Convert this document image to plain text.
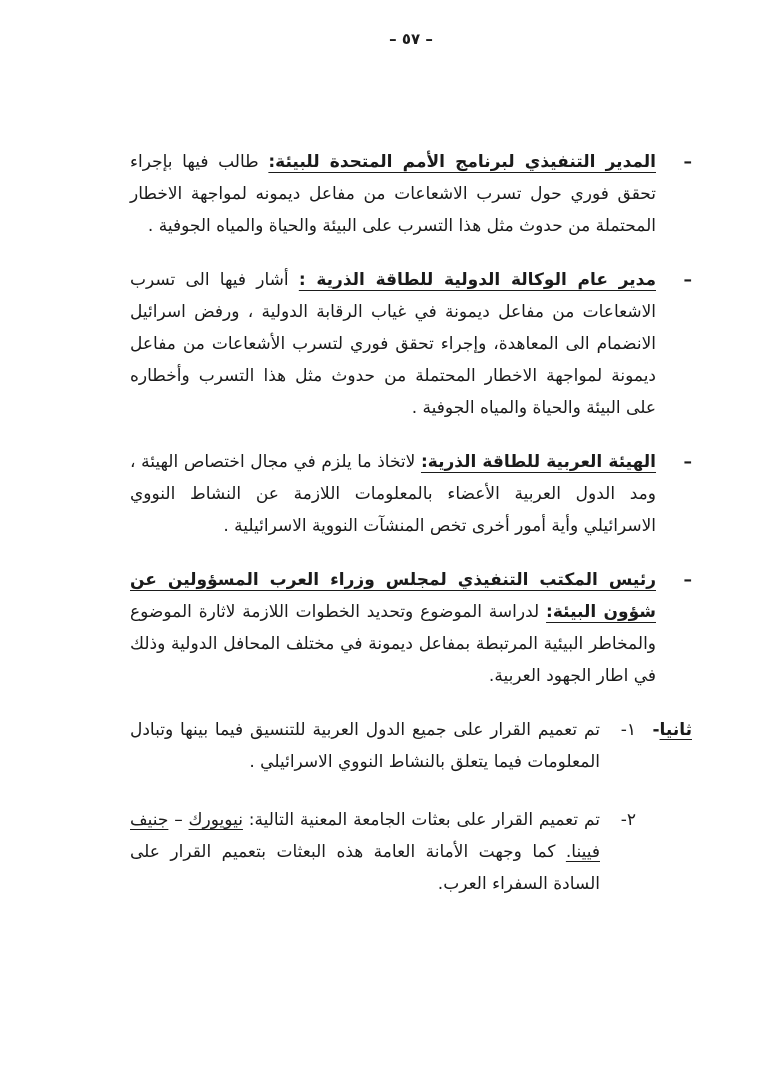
– ٥٧ –
–
المدير التنفيذي لبرنامج الأمم المتحدة للبيئة: طالب فيها بإجراء تحقق فوري حول تسرب الاشعاعات من مفاعل ديمونه لمواجهة الاخطار المحتملة من حدوث مثل هذا التسرب على البيئة والحياة والمياه الجوفية .
–
مدير عام الوكالة الدولية للطاقة الذرية : أشار فيها الى تسرب الاشعاعات من مفاعل ديمونة في غياب الرقابة الدولية ، ورفض اسرائيل الانضمام الى المعاهدة، وإجراء تحقق فوري لتسرب الأشعاعات من مفاعل ديمونة لمواجهة الاخطار المحتملة من حدوث مثل هذا التسرب وأخطاره على البيئة والحياة والمياه الجوفية .
–
الهيئة العربية للطاقة الذرية: لاتخاذ ما يلزم في مجال اختصاص الهيئة ، ومد الدول العربية الأعضاء بالمعلومات اللازمة عن النشاط النووي الاسرائيلي وأية أمور أخرى تخص المنشآت النووية الاسرائيلية .
–
رئيس المكتب التنفيذي لمجلس وزراء العرب المسؤولين عن شؤون البيئة: لدراسة الموضوع وتحديد الخطوات اللازمة لاثارة الموضوع والمخاطر البيئية المرتبطة بمفاعل ديمونة في مختلف المحافل الدولية وذلك في اطار الجهود العربية.
ثانيا-
١-
تم تعميم القرار على جميع الدول العربية للتنسيق فيما بينها وتبادل المعلومات فيما يتعلق بالنشاط النووي الاسرائيلي .
٢-
تم تعميم القرار على بعثات الجامعة المعنية التالية: نيويورك – جنيف فيينا. كما وجهت الأمانة العامة هذه البعثات بتعميم القرار على السادة السفراء العرب.
